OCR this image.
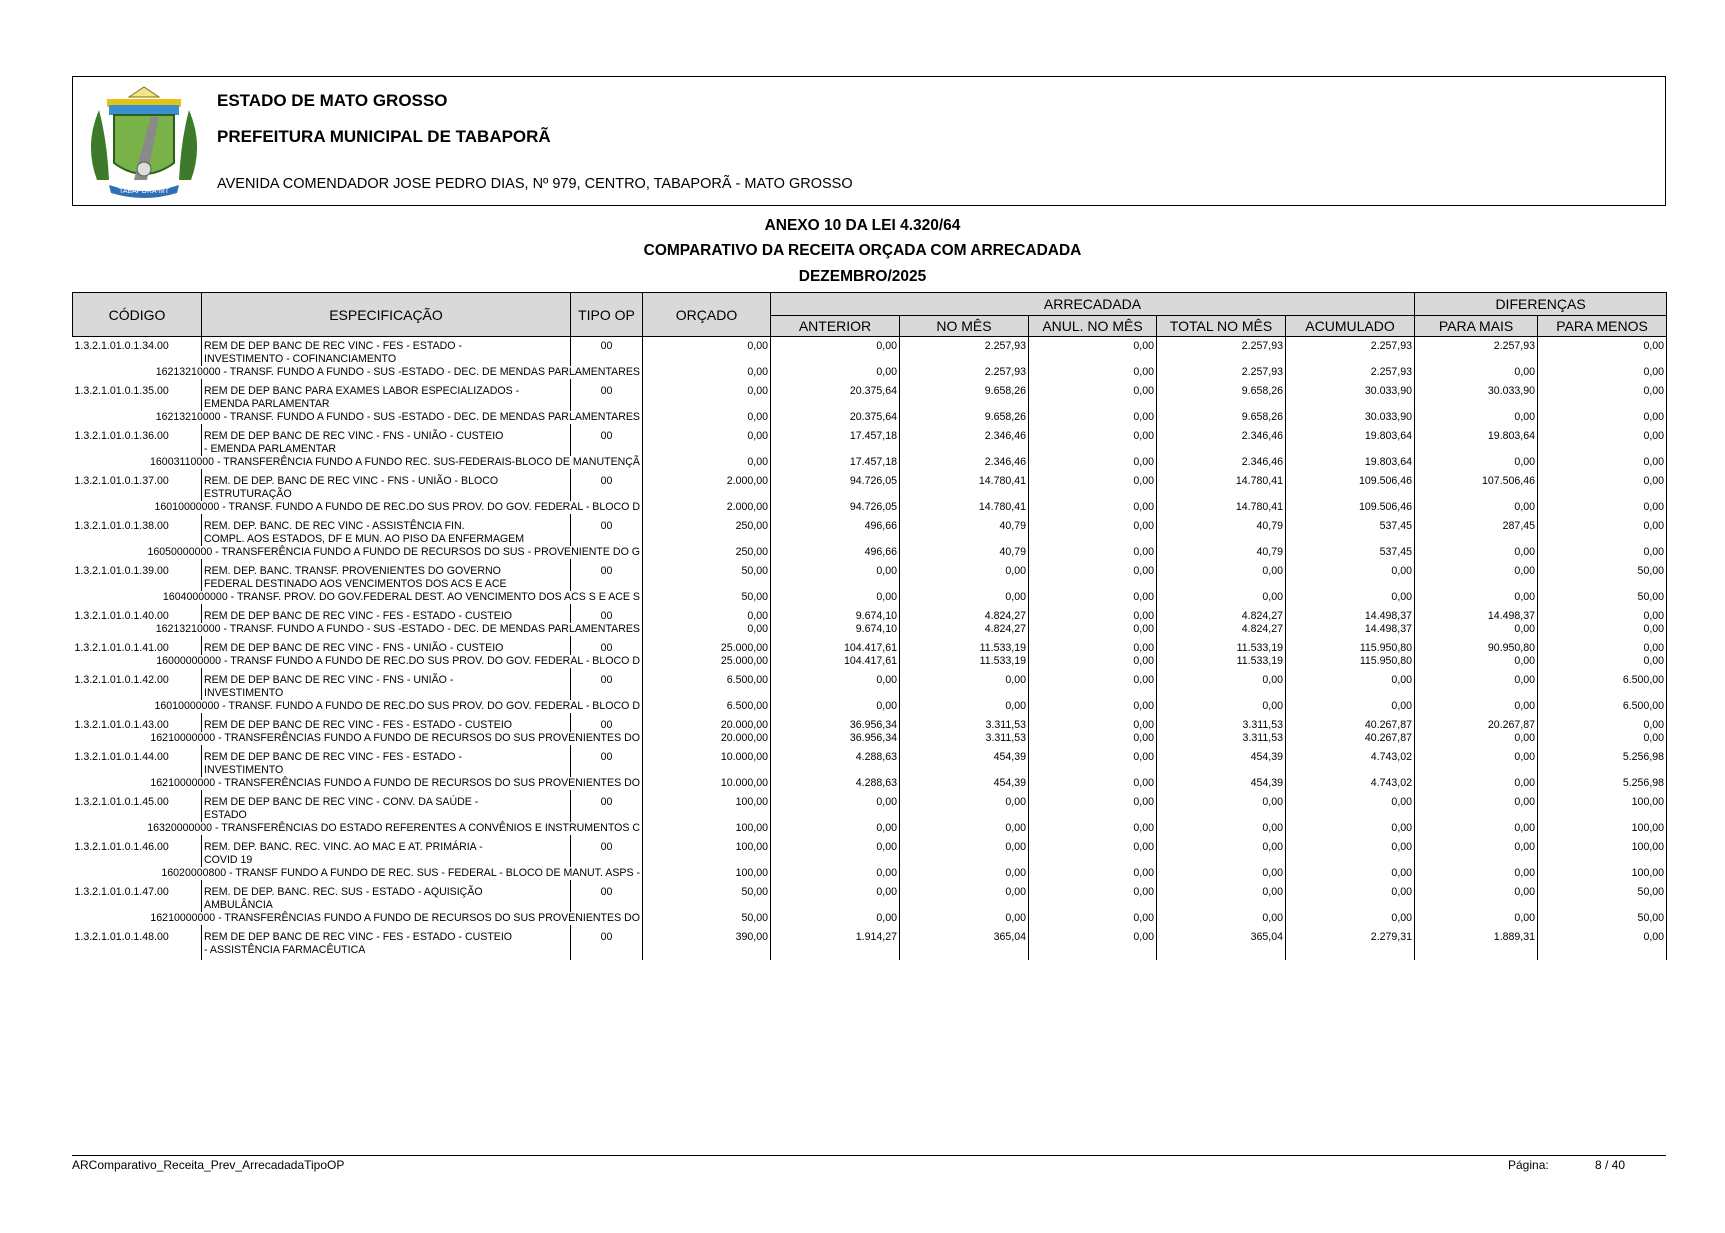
TABAPORÃ-MT
ESTADO DE MATO GROSSO
PREFEITURA MUNICIPAL DE TABAPORÃ
AVENIDA COMENDADOR JOSE PEDRO DIAS, Nº 979, CENTRO, TABAPORÃ - MATO GROSSO
ANEXO 10 DA LEI 4.320/64
COMPARATIVO DA RECEITA ORÇADA COM ARRECADADA
DEZEMBRO/2025
CÓDIGO	ESPECIFICAÇÃO	TIPO OP	ORÇADO	ARRECADADA					DIFERENÇAS	
				ANTERIOR	NO MÊS	ANUL. NO MÊS	TOTAL NO MÊS	ACUMULADO	PARA MAIS	PARA MENOS
1.3.2.1.01.0.1.34.00	REM DE DEP BANC DE REC VINC - FES - ESTADO -
INVESTIMENTO - COFINANCIAMENTO	00	0,00	0,00	2.257,93	0,00	2.257,93	2.257,93	2.257,93	0,00
16213210000 - TRANSF. FUNDO A FUNDO - SUS -ESTADO - DEC. DE MENDAS PARLAMENTARES			0,00	0,00	2.257,93	0,00	2.257,93	2.257,93	0,00	0,00

1.3.2.1.01.0.1.35.00	REM DE DEP BANC PARA EXAMES LABOR ESPECIALIZADOS -
EMENDA PARLAMENTAR	00	0,00	20.375,64	9.658,26	0,00	9.658,26	30.033,90	30.033,90	0,00
16213210000 - TRANSF. FUNDO A FUNDO - SUS -ESTADO - DEC. DE MENDAS PARLAMENTARES			0,00	20.375,64	9.658,26	0,00	9.658,26	30.033,90	0,00	0,00

1.3.2.1.01.0.1.36.00	REM DE DEP BANC DE REC VINC - FNS - UNIÃO - CUSTEIO
- EMENDA PARLAMENTAR	00	0,00	17.457,18	2.346,46	0,00	2.346,46	19.803,64	19.803,64	0,00
16003110000 - TRANSFERÊNCIA FUNDO A FUNDO REC. SUS-FEDERAIS-BLOCO DE MANUTENÇÃ			0,00	17.457,18	2.346,46	0,00	2.346,46	19.803,64	0,00	0,00

1.3.2.1.01.0.1.37.00	REM. DE DEP. BANC DE REC VINC - FNS - UNIÃO - BLOCO
ESTRUTURAÇÃO	00	2.000,00	94.726,05	14.780,41	0,00	14.780,41	109.506,46	107.506,46	0,00
16010000000 - TRANSF. FUNDO A FUNDO DE REC.DO SUS PROV. DO GOV. FEDERAL - BLOCO D			2.000,00	94.726,05	14.780,41	0,00	14.780,41	109.506,46	0,00	0,00

1.3.2.1.01.0.1.38.00	REM. DEP. BANC. DE REC VINC - ASSISTÊNCIA FIN.
COMPL. AOS ESTADOS, DF E MUN. AO PISO DA ENFERMAGEM	00	250,00	496,66	40,79	0,00	40,79	537,45	287,45	0,00
16050000000 - TRANSFERÊNCIA FUNDO A FUNDO DE RECURSOS DO SUS - PROVENIENTE DO G			250,00	496,66	40,79	0,00	40,79	537,45	0,00	0,00

1.3.2.1.01.0.1.39.00	REM. DEP. BANC. TRANSF. PROVENIENTES DO GOVERNO
FEDERAL DESTINADO AOS VENCIMENTOS DOS ACS E ACE	00	50,00	0,00	0,00	0,00	0,00	0,00	0,00	50,00
16040000000 - TRANSF. PROV. DO GOV.FEDERAL DEST. AO VENCIMENTO DOS ACS S E ACE S			50,00	0,00	0,00	0,00	0,00	0,00	0,00	50,00

1.3.2.1.01.0.1.40.00	REM DE DEP BANC DE REC VINC - FES - ESTADO - CUSTEIO	00	0,00	9.674,10	4.824,27	0,00	4.824,27	14.498,37	14.498,37	0,00
16213210000 - TRANSF. FUNDO A FUNDO - SUS -ESTADO - DEC. DE MENDAS PARLAMENTARES			0,00	9.674,10	4.824,27	0,00	4.824,27	14.498,37	0,00	0,00

1.3.2.1.01.0.1.41.00	REM DE DEP BANC DE REC VINC - FNS - UNIÃO - CUSTEIO	00	25.000,00	104.417,61	11.533,19	0,00	11.533,19	115.950,80	90.950,80	0,00
16000000000 - TRANSF FUNDO A FUNDO DE REC.DO SUS PROV. DO GOV. FEDERAL - BLOCO D			25.000,00	104.417,61	11.533,19	0,00	11.533,19	115.950,80	0,00	0,00

1.3.2.1.01.0.1.42.00	REM DE DEP BANC DE REC VINC - FNS - UNIÃO -
INVESTIMENTO	00	6.500,00	0,00	0,00	0,00	0,00	0,00	0,00	6.500,00
16010000000 - TRANSF. FUNDO A FUNDO DE REC.DO SUS PROV. DO GOV. FEDERAL - BLOCO D			6.500,00	0,00	0,00	0,00	0,00	0,00	0,00	6.500,00

1.3.2.1.01.0.1.43.00	REM DE DEP BANC DE REC VINC - FES - ESTADO - CUSTEIO	00	20.000,00	36.956,34	3.311,53	0,00	3.311,53	40.267,87	20.267,87	0,00
16210000000 - TRANSFERÊNCIAS FUNDO A FUNDO DE RECURSOS DO SUS PROVENIENTES DO			20.000,00	36.956,34	3.311,53	0,00	3.311,53	40.267,87	0,00	0,00

1.3.2.1.01.0.1.44.00	REM DE DEP BANC DE REC VINC - FES - ESTADO -
INVESTIMENTO	00	10.000,00	4.288,63	454,39	0,00	454,39	4.743,02	0,00	5.256,98
16210000000 - TRANSFERÊNCIAS FUNDO A FUNDO DE RECURSOS DO SUS PROVENIENTES DO			10.000,00	4.288,63	454,39	0,00	454,39	4.743,02	0,00	5.256,98

1.3.2.1.01.0.1.45.00	REM DE DEP BANC DE REC VINC - CONV. DA SAÚDE -
ESTADO	00	100,00	0,00	0,00	0,00	0,00	0,00	0,00	100,00
16320000000 - TRANSFERÊNCIAS DO ESTADO REFERENTES A CONVÊNIOS E INSTRUMENTOS C			100,00	0,00	0,00	0,00	0,00	0,00	0,00	100,00

1.3.2.1.01.0.1.46.00	REM. DEP. BANC. REC. VINC. AO MAC E AT. PRIMÁRIA -
COVID 19	00	100,00	0,00	0,00	0,00	0,00	0,00	0,00	100,00
16020000800 - TRANSF FUNDO A FUNDO DE REC. SUS - FEDERAL - BLOCO DE MANUT. ASPS -			100,00	0,00	0,00	0,00	0,00	0,00	0,00	100,00

1.3.2.1.01.0.1.47.00	REM. DE DEP. BANC. REC. SUS - ESTADO - AQUISIÇÃO
AMBULÂNCIA	00	50,00	0,00	0,00	0,00	0,00	0,00	0,00	50,00
16210000000 - TRANSFERÊNCIAS FUNDO A FUNDO DE RECURSOS DO SUS PROVENIENTES DO			50,00	0,00	0,00	0,00	0,00	0,00	0,00	50,00

1.3.2.1.01.0.1.48.00	REM DE DEP BANC DE REC VINC - FES - ESTADO - CUSTEIO
- ASSISTÊNCIA FARMACÊUTICA	00	390,00	1.914,27	365,04	0,00	365,04	2.279,31	1.889,31	0,00

ARComparativo_Receita_Prev_ArrecadadaTipoOP	Página:	8 / 40
